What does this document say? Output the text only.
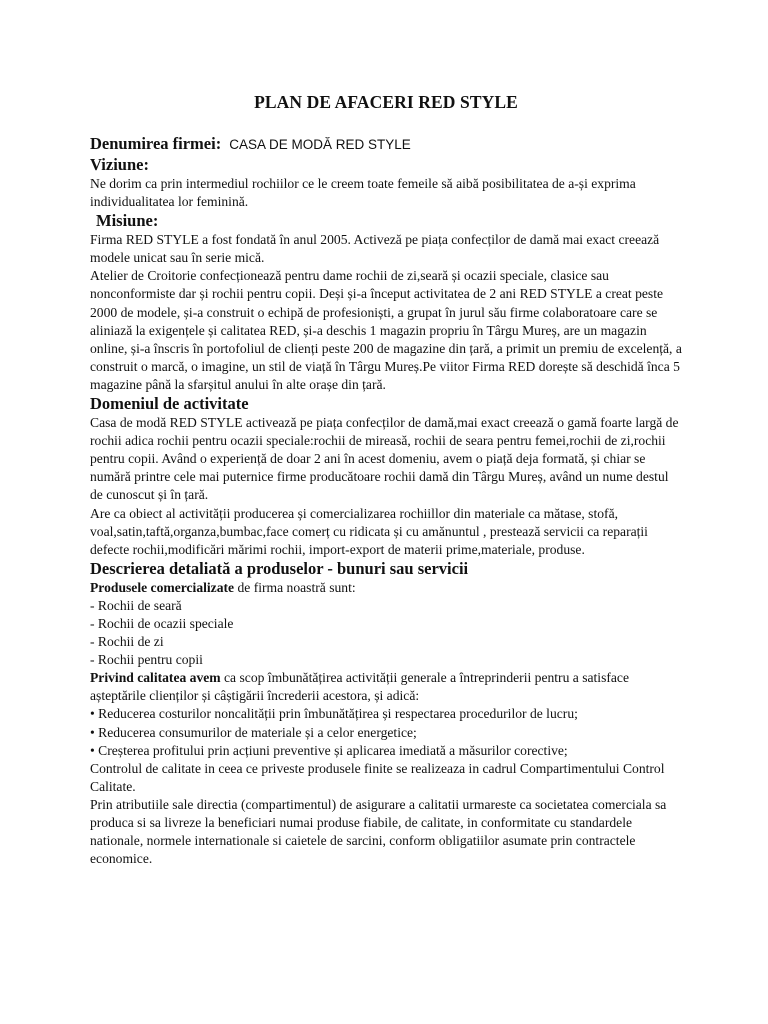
PLAN DE AFACERI RED STYLE
Denumirea firmei: CASA DE MODĂ RED STYLE
Viziune:

Ne dorim ca prin intermediul rochiilor ce le creem toate femeile să aibă posibilitatea de a-și exprima individualitatea lor feminină.

Misiune:

Firma RED STYLE a fost fondată în anul 2005. Activeză pe piața confecților de damă mai exact creează modele unicat sau în serie mică.

Atelier de Croitorie confecționează pentru dame rochii de zi,seară și ocazii speciale, clasice sau nonconformiste dar și rochii pentru copii. Deși și-a început activitatea de 2 ani RED STYLE a creat peste 2000 de modele, și-a construit o echipă de profesioniști, a grupat în jurul său firme colaboratoare care se aliniază la exigențele și calitatea RED, și-a deschis 1 magazin propriu în Târgu Mureș, are un magazin online, și-a înscris în portofoliul de clienți peste 200 de magazine din țară, a primit un premiu de excelență, a construit o marcă, o imagine, un stil de viață în Târgu Mureș.Pe viitor Firma RED dorește să deschidă înca 5 magazine până la sfarșitul anului în alte orașe din țară.

Domeniul de activitate

Casa de modă RED STYLE activează pe piața confecților de damă,mai exact creează o gamă foarte largă de rochii adica rochii pentru ocazii speciale:rochii de mireasă, rochii de seara pentru femei,rochii de zi,rochii pentru copii. Având o experiență de doar 2 ani în acest domeniu, avem o piață deja formată, și chiar se numără printre cele mai puternice firme producătoare rochii damă din Târgu Mureș, având un nume destul de cunoscut și în țară.

Are ca obiect al activității producerea și comercializarea rochiillor din materiale ca mătase, stofă, voal,satin,taftă,organza,bumbac,face comerț cu ridicata și cu amănuntul , prestează servicii ca reparații defecte rochii,modificări mărimi rochii, import-export de materii prime,materiale, produse.

Descrierea detaliată a produselor - bunuri sau servicii

Produsele comercializate de firma noastră sunt:

- Rochii de seară
- Rochii de ocazii speciale
- Rochii de zi
- Rochii pentru copii

Privind calitatea avem ca scop îmbunătățirea activității generale a întreprinderii pentru a satisface așteptările clienților și câștigării încrederii acestora, și adică:

• Reducerea costurilor noncalității prin îmbunătățirea și respectarea procedurilor de lucru;
• Reducerea consumurilor de materiale și a celor energetice;
• Creșterea profitului prin acțiuni preventive și aplicarea imediată a măsurilor corective;

Controlul de calitate in ceea ce priveste produsele finite se realizeaza in cadrul Compartimentului Control Calitate.

Prin atributiile sale directia (compartimentul) de asigurare a calitatii urmareste ca societatea comerciala sa produca si sa livreze la beneficiari numai produse fiabile, de calitate, in conformitate cu standardele nationale, normele internationale si caietele de sarcini, conform obligatiilor asumate prin contractele economice.
